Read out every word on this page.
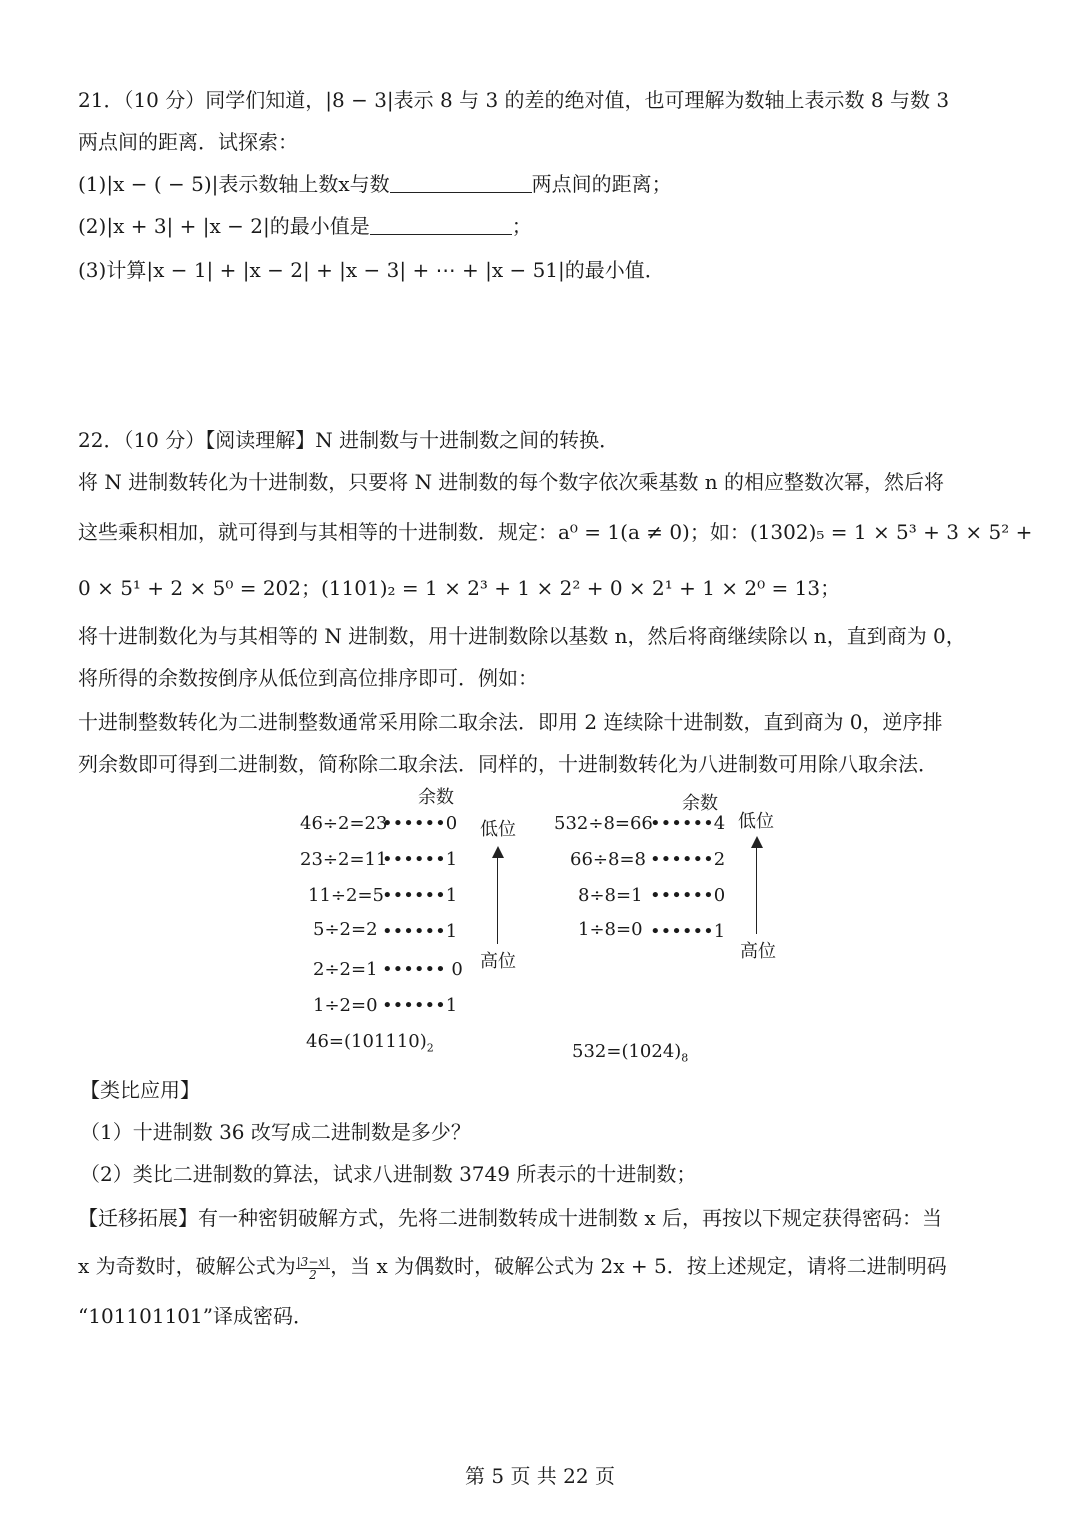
21．（10 分）同学们知道，|8 − 3|表示 8 与 3 的差的绝对值，也可理解为数轴上表示数 8 与数 3
两点间的距离．试探索：
(1)|x − ( − 5)|表示数轴上数x与数	两点间的距离；
(2)|x + 3| + |x − 2|的最小值是	；
(3)计算|x − 1| + |x − 2| + |x − 3| + ⋯ + |x − 51|的最小值．
22．（10 分）【阅读理解】N 进制数与十进制数之间的转换．
将 N 进制数转化为十进制数，只要将 N 进制数的每个数字依次乘基数 n 的相应整数次幂，然后将
这些乘积相加，就可得到与其相等的十进制数．规定：a⁰ = 1(a ≠ 0)；如：(1302)₅ = 1 × 5³ + 3 × 5² +
0 × 5¹ + 2 × 5⁰ = 202；(1101)₂ = 1 × 2³ + 1 × 2² + 0 × 2¹ + 1 × 2⁰ = 13；
将十进制数化为与其相等的 N 进制数，用十进制数除以基数 n，然后将商继续除以 n，直到商为 0，
将所得的余数按倒序从低位到高位排序即可．例如：
十进制整数转化为二进制整数通常采用除二取余法．即用 2 连续除十进制数，直到商为 0，逆序排
列余数即可得到二进制数，简称除二取余法．同样的，十进制数转化为八进制数可用除八取余法．
余数
46÷2=23
••••••0
23÷2=11
••••••1
11÷2=5
••••••1
5÷2=2 ••••••1
2÷2=1 •••••• 0
1÷2=0 ••••••1
$46=(101110)_2$
低位
高位
余数
532÷8=66
••••••4
66÷8=8 ••••••2
8÷8=1 ••••••0
1÷8=0 ••••••1
$532=(1024)_8$
低位
高位
【类比应用】
（1）十进制数 36 改写成二进制数是多少？
（2）类比二进制数的算法，试求八进制数 3749 所表示的十进制数；
【迁移拓展】有一种密钥破解方式，先将二进制数转成十进制数 x 后，再按以下规定获得密码：当
x 为奇数时，破解公式为 $\frac{|3-x|}{2}$ ，当 x 为偶数时，破解公式为 2x + 5．按上述规定，请将二进制明码
“101101101”译成密码．
第 5 页 共 22 页
